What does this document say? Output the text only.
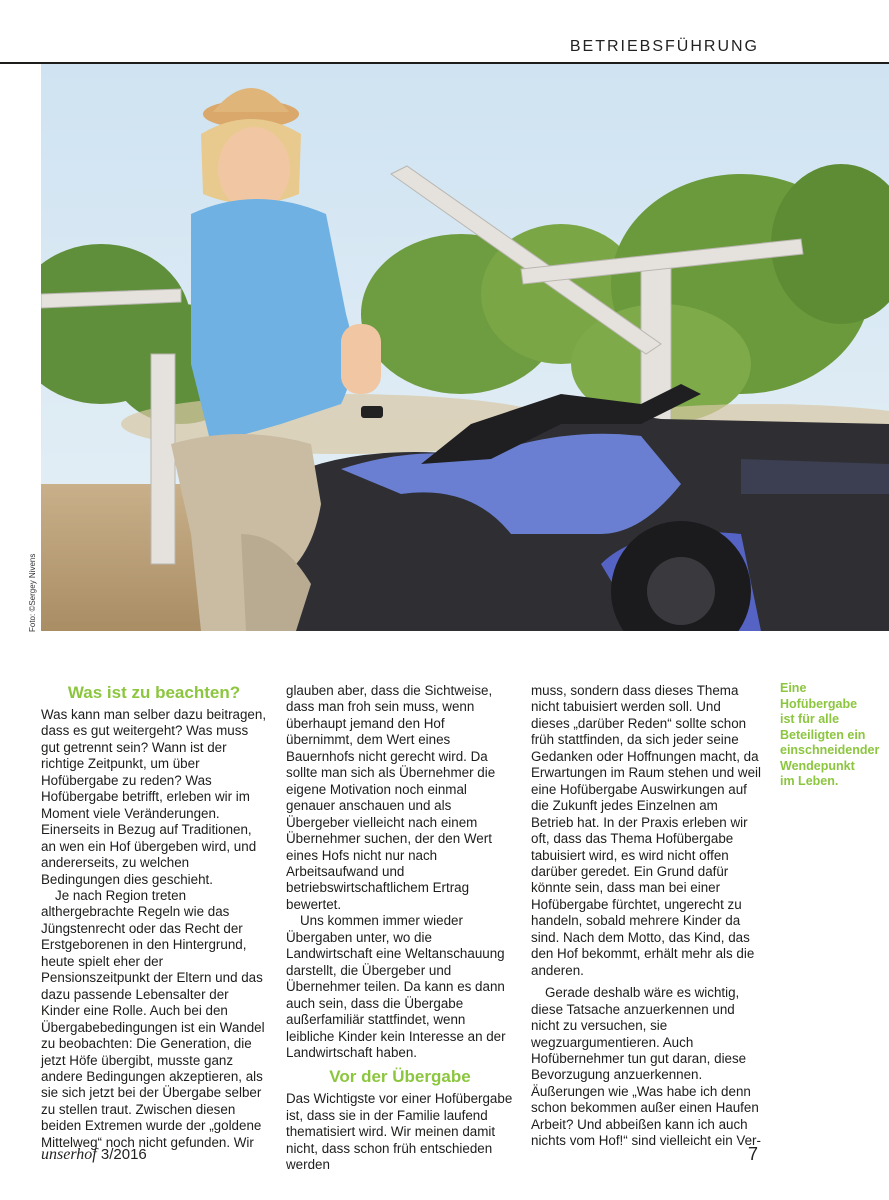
BETRIEBSFÜHRUNG
Foto: ©Sergey Nivens
Was ist zu beachten?

Was kann man selber dazu beitragen, dass es gut weitergeht? Was muss gut getrennt sein? Wann ist der richtige Zeitpunkt, um über Hofübergabe zu reden? Was Hofübergabe betrifft, erleben wir im Moment viele Veränderungen. Einerseits in Bezug auf Traditionen, an wen ein Hof übergeben wird, und andererseits, zu welchen Bedingungen dies geschieht.

Je nach Region treten althergebrachte Regeln wie das Jüngstenrecht oder das Recht der Erstgeborenen in den Hintergrund, heute spielt eher der Pensionszeitpunkt der Eltern und das dazu passende Lebensalter der Kinder eine Rolle. Auch bei den Übergabebedingungen ist ein Wandel zu beobachten: Die Generation, die jetzt Höfe übergibt, musste ganz andere Bedingungen akzeptieren, als sie sich jetzt bei der Übergabe selber zu stellen traut. Zwischen diesen beiden Extremen wurde der „goldene Mittelweg“ noch nicht gefunden. Wir

glauben aber, dass die Sichtweise, dass man froh sein muss, wenn überhaupt jemand den Hof übernimmt, dem Wert eines Bauernhofs nicht gerecht wird. Da sollte man sich als Übernehmer die eigene Motivation noch einmal genauer anschauen und als Übergeber vielleicht nach einem Übernehmer suchen, der den Wert eines Hofs nicht nur nach Arbeitsaufwand und betriebswirtschaftlichem Ertrag bewertet.

Uns kommen immer wieder Übergaben unter, wo die Landwirtschaft eine Weltanschauung darstellt, die Übergeber und Übernehmer teilen. Da kann es dann auch sein, dass die Übergabe außerfamiliär stattfindet, wenn leibliche Kinder kein Interesse an der Landwirtschaft haben.

Vor der Übergabe

Das Wichtigste vor einer Hofübergabe ist, dass sie in der Familie laufend thematisiert wird. Wir meinen damit nicht, dass schon früh entschieden werden

muss, sondern dass dieses Thema nicht tabuisiert werden soll. Und dieses „darüber Reden“ sollte schon früh stattfinden, da sich jeder seine Gedanken oder Hoffnungen macht, da Erwartungen im Raum stehen und weil eine Hofübergabe Auswirkungen auf die Zukunft jedes Einzelnen am Betrieb hat. In der Praxis erleben wir oft, dass das Thema Hofübergabe tabuisiert wird, es wird nicht offen darüber geredet. Ein Grund dafür könnte sein, dass man bei einer Hofübergabe fürchtet, ungerecht zu handeln, sobald mehrere Kinder da sind. Nach dem Motto, das Kind, das den Hof bekommt, erhält mehr als die anderen.

Gerade deshalb wäre es wichtig, diese Tatsache anzuerkennen und nicht zu versuchen, sie wegzuargumentieren. Auch Hofübernehmer tun gut daran, diese Bevorzugung anzuerkennen. Äußerungen wie „Was habe ich denn schon bekommen außer einen Haufen Arbeit? Und abbeißen kann ich auch nichts vom Hof!“ sind vielleicht ein Ver-

Eine Hofübergabe ist für alle Beteiligten ein einschneidender Wendepunkt im Leben.
unserhof 3/2016	7
